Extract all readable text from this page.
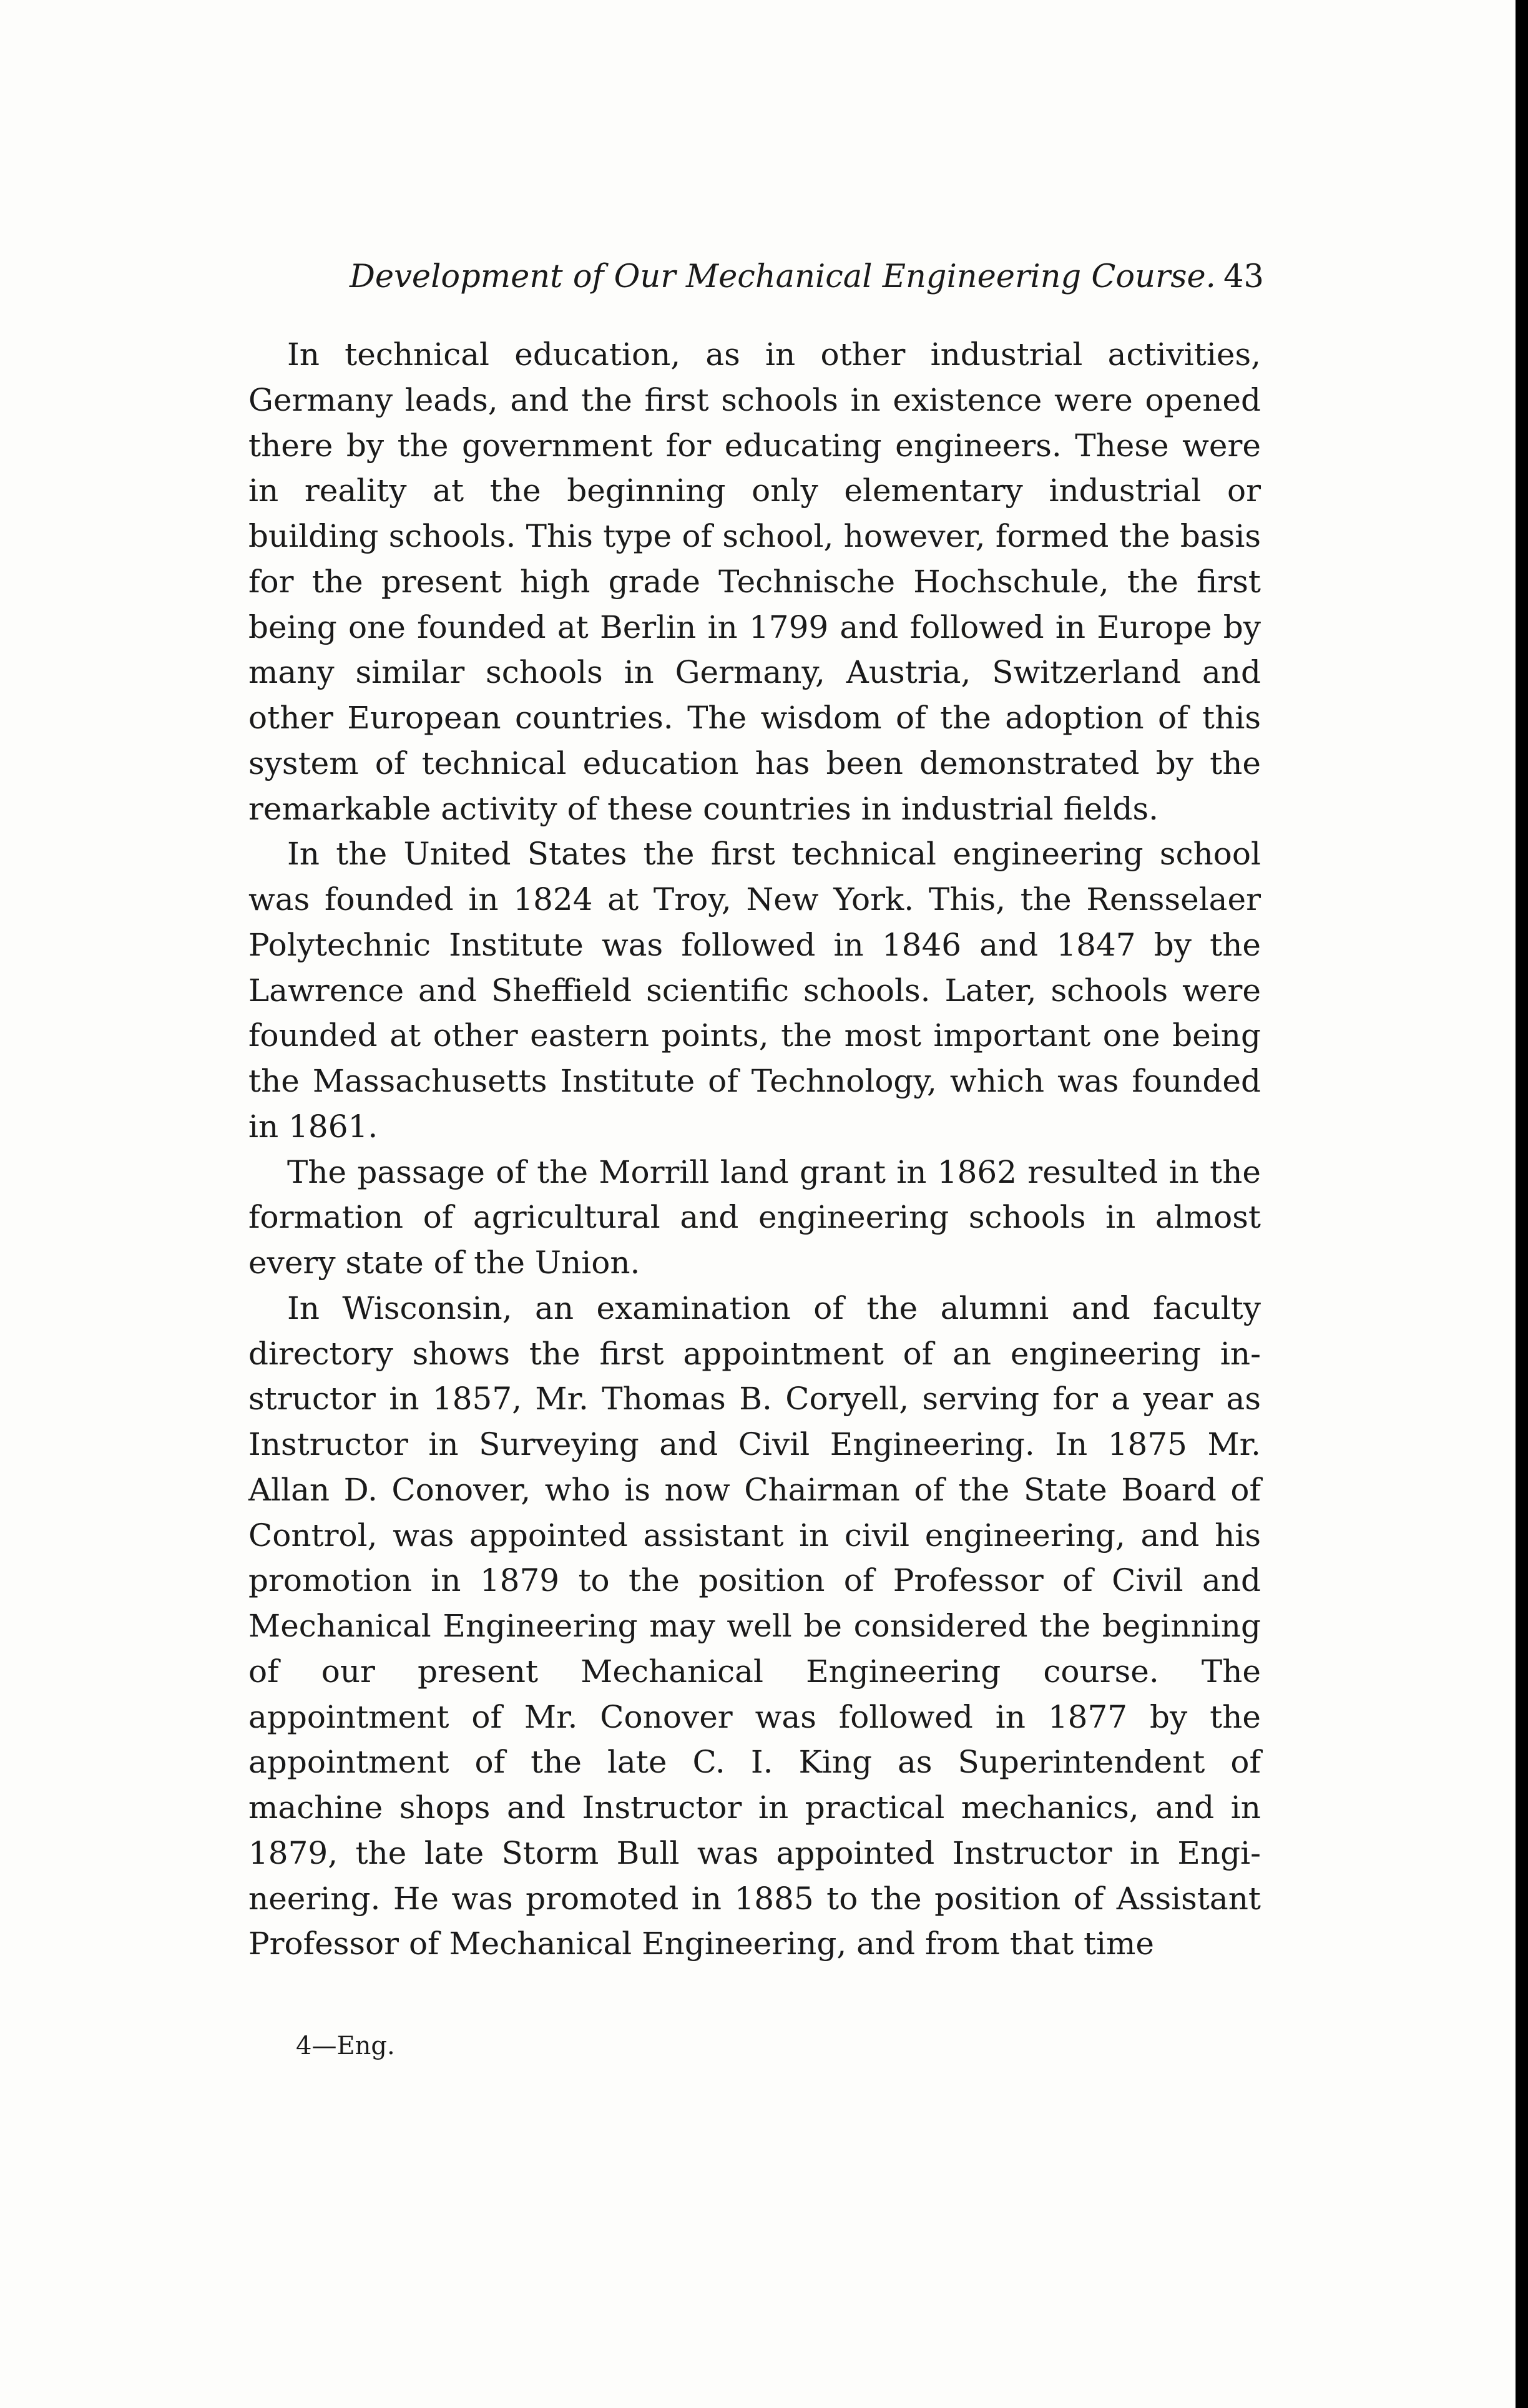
Development of Our Mechanical Engineering Course. 43

In technical education, as in other industrial activities, Germany leads, and the first schools in existence were opened there by the government for educating engineers. These were in reality at the beginning only elementary industrial or building schools. This type of school, however, formed the basis for the present high grade Technische Hochschule, the first being one founded at Berlin in 1799 and followed in Europe by many similar schools in Germany, Austria, Switzerland and other European countries. The wisdom of the adoption of this system of technical education has been demonstrated by the remarkable activity of these countries in industrial fields.

In the United States the first technical engineering school was founded in 1824 at Troy, New York. This, the Rensselaer Polytechnic Institute was followed in 1846 and 1847 by the Lawrence and Sheffield scientific schools. Later, schools were founded at other eastern points, the most important one being the Massachusetts Institute of Technology, which was founded in 1861.

The passage of the Morrill land grant in 1862 resulted in the formation of agricultural and engineering schools in almost every state of the Union.

In Wisconsin, an examination of the alumni and faculty directory shows the first appointment of an engineering instructor in 1857, Mr. Thomas B. Coryell, serving for a year as Instructor in Surveying and Civil Engineering. In 1875 Mr. Allan D. Conover, who is now Chairman of the State Board of Control, was appointed assistant in civil engineering, and his promotion in 1879 to the position of Professor of Civil and Mechanical Engineering may well be considered the beginning of our present Mechanical Engineering course. The appointment of Mr. Conover was followed in 1877 by the appointment of the late C. I. King as Superintendent of machine shops and Instructor in practical mechanics, and in 1879, the late Storm Bull was appointed Instructor in Engineering. He was promoted in 1885 to the position of Assistant Professor of Mechanical Engineering, and from that time

4—Eng.
